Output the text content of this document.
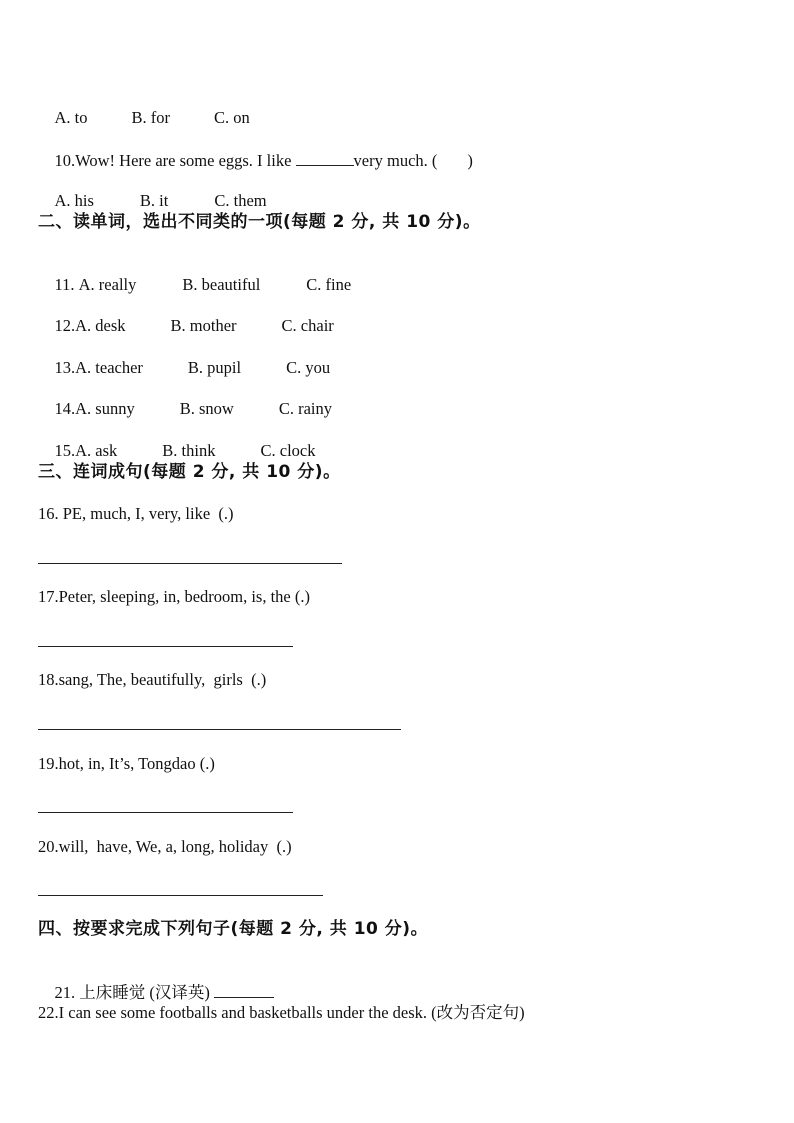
A. to	B. for	C. on

10.Wow! Here are some eggs. I like	very much. ( )

A. his	B. it	C. them

二、读单词，选出不同类的一项(每题 2 分, 共 10 分)。

11. A. really	B. beautiful	C. fine

12.A. desk	B. mother	C. chair

13.A. teacher	B. pupil	C. you

14.A. sunny	B. snow	C. rainy

15.A. ask	B. think	C. clock

三、连词成句(每题 2 分, 共 10 分)。
16. PE, much, I, very, like  (.)
17.Peter, sleeping, in, bedroom, is, the (.)
18.sang, The, beautifully,  girls  (.)
19.hot, in, It’s, Tongdao (.)
20.will,  have, We, a, long, holiday  (.)
四、按要求完成下列句子(每题 2 分, 共 10 分)。

21. 上床睡觉 (汉译英)

22.I can see some footballs and basketballs under the desk. (改为否定句)
